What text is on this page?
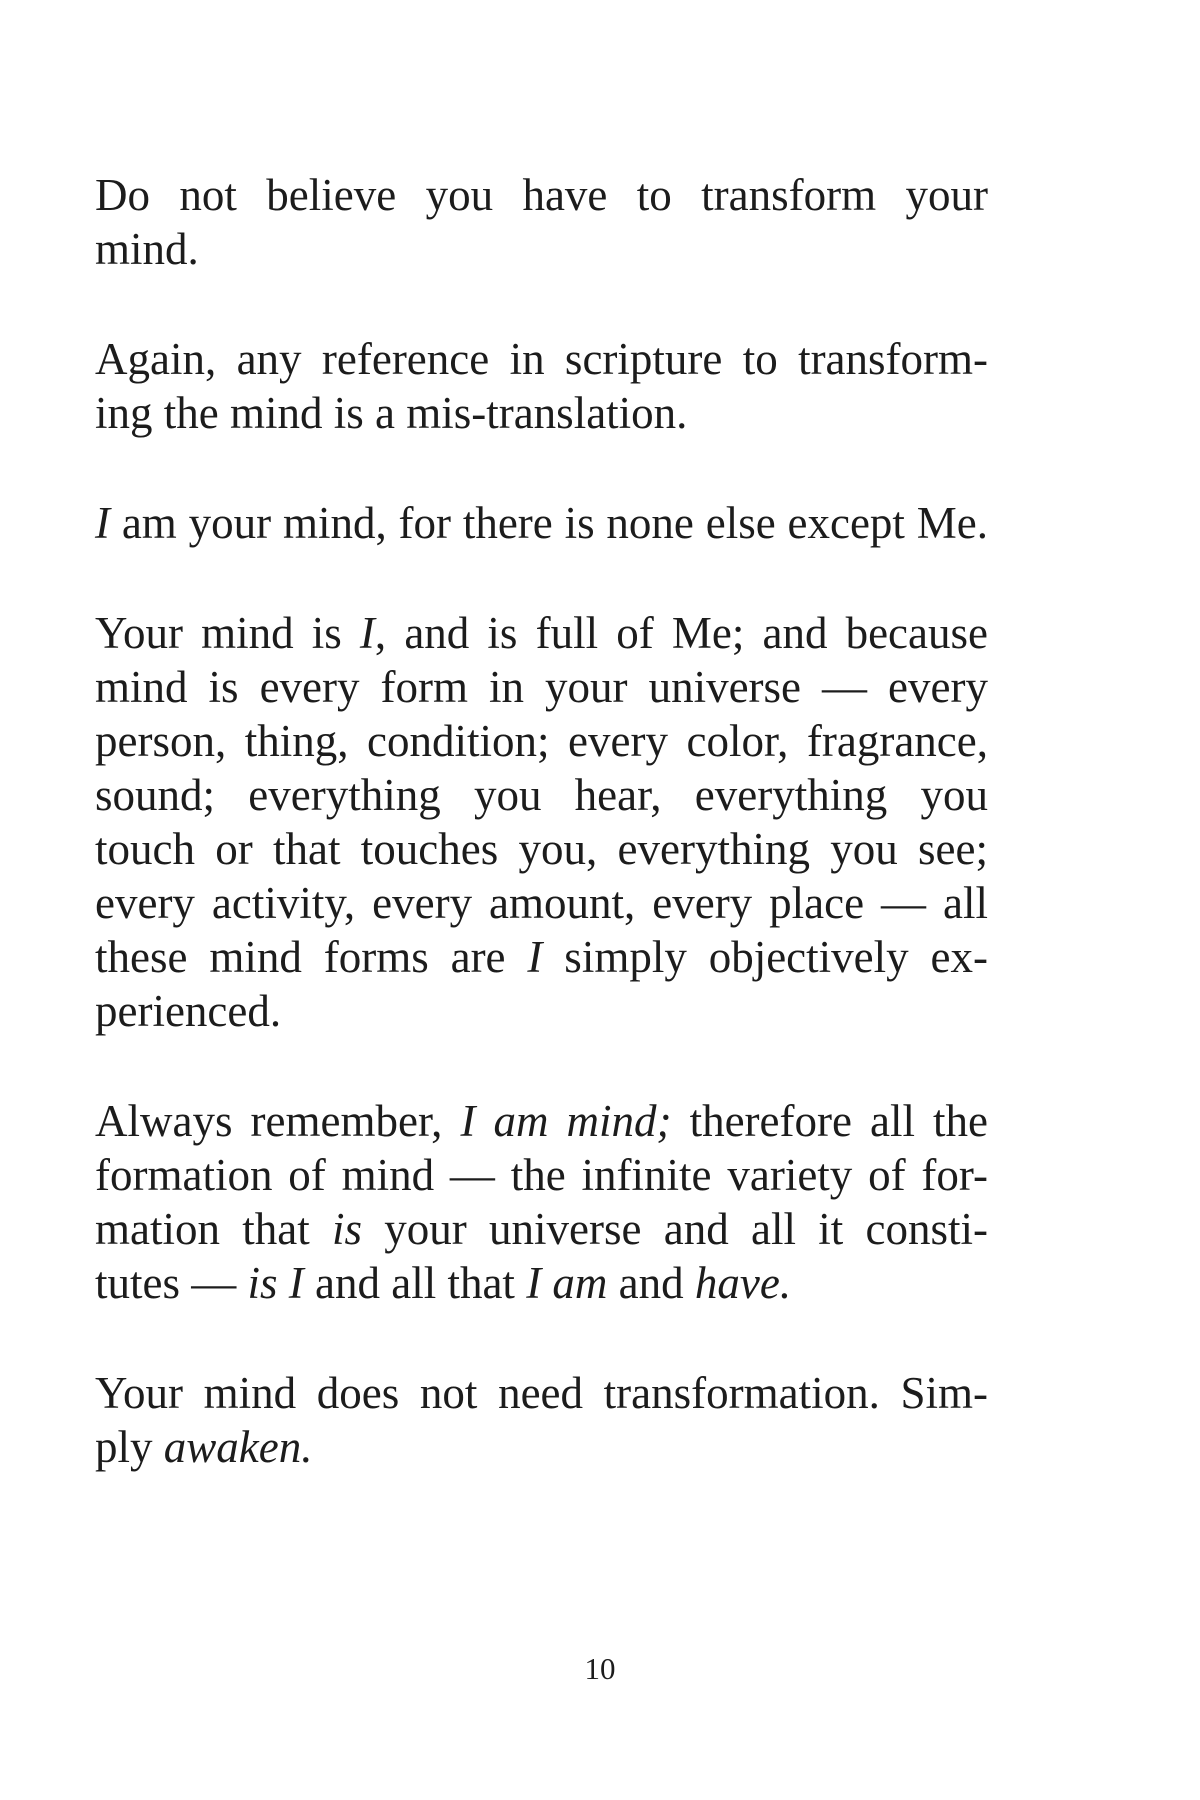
Do not believe you have to transform your
mind.
Again, any reference in scripture to transform-
ing the mind is a mis-translation.
I am your mind, for there is none else except Me.
Your mind is I, and is full of Me; and because
mind is every form in your universe — every
person, thing, condition; every color, fragrance,
sound; everything you hear, everything you
touch or that touches you, everything you see;
every activity, every amount, every place — all
these mind forms are I simply objectively ex-
perienced.
Always remember, I am mind; therefore all the
formation of mind — the infinite variety of for-
mation that is your universe and all it consti-
tutes — is I and all that I am and have.
Your mind does not need transformation. Sim-
ply awaken.
10
